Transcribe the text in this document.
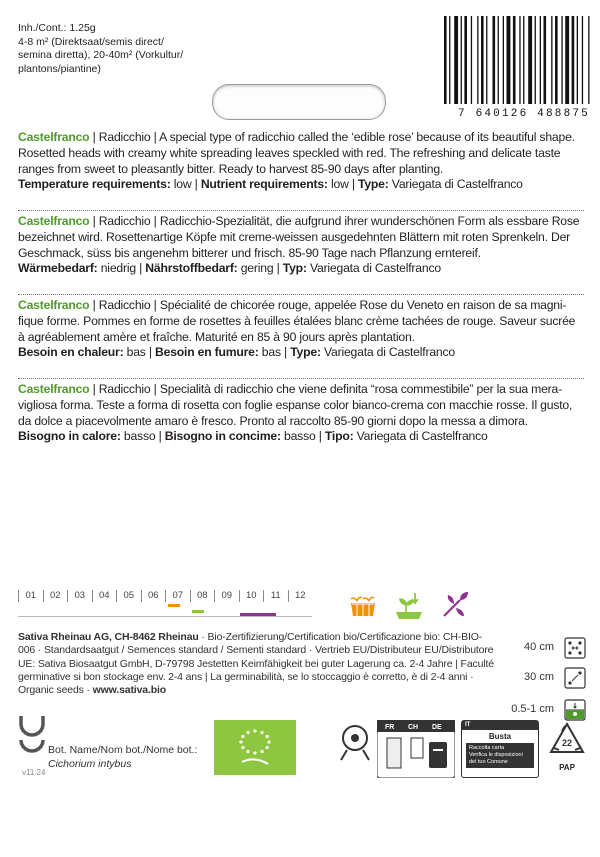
Inh./Cont.: 1.25g
4-8 m² (Direktsaat/semis direct/
semina diretta), 20-40m² (Vorkultur/
plantons/piantine)
7 640126 488875

Castelfranco | Radicchio | A special type of radicchio called the ‘edible rose’ because of its beautiful shape. Rosetted heads with creamy white spreading leaves speckled with red. The refreshing and delicate taste ranges from sweet to pleasantly bitter. Ready to harvest 85-90 days after planting.

Temperature requirements: low | Nutrient requirements: low | Type: Variegata di Castelfranco

Castelfranco | Radicchio | Radicchio-Spezialität, die aufgrund ihrer wunderschönen Form als essbare Rose bezeichnet wird. Rosettenartige Köpfe mit creme-weissen ausgedehnten Blättern mit roten Sprenkeln. Der Geschmack, süss bis angenehm bitterer und frisch. 85-90 Tage nach Pflanzung erntereif.

Wärmebedarf: niedrig | Nährstoffbedarf: gering | Typ: Variegata di Castelfranco

Castelfranco | Radicchio | Spécialité de chicorée rouge, appelée Rose du Veneto en raison de sa magnifique forme. Pommes en forme de rosettes à feuilles étalées blanc crème tachées de rouge. Saveur sucrée à agréablement amère et fraîche. Maturité en 85 à 90 jours après plantation.

Besoin en chaleur: bas | Besoin en fumure: bas | Type: Variegata di Castelfranco

Castelfranco | Radicchio | Specialità di radicchio che viene definita “rosa commestibile” per la sua meravigliosa forma. Teste a forma di rosetta con foglie espanse color bianco-crema con macchie rosse. Il gusto, da dolce a piacevolmente amaro è fresco. Pronto al raccolto 85-90 giorni dopo la messa a dimora.

Bisogno in calore: basso | Bisogno in concime: basso | Tipo: Variegata di Castelfranco

01	02	03	04	05	06	07	08	09	10	11	12
Sativa Rheinau AG, CH-8462 Rheinau · Bio-Zertifizierung/Certification bio/Certificazione bio: CH-BIO-006 · Standardsaatgut / Semences standard / Sementi standard · Vertrieb EU/Distributeur EU/Distributore UE: Sativa Biosaatgut GmbH, D-79798 Jestetten Keimfähigkeit bei guter Lagerung ca. 2-4 Jahre | Faculté germinative si bon stockage env. 2-4 ans | La germinabilità, se lo stoccaggio è corretto, è di 2-4 anni · Organic seeds · www.sativa.bio
40 cm
30 cm
0.5-1 cm
Bot. Name/Nom bot./Nome bot.:
Cichorium intybus
v11.24
FR CH DE	IT
Busta
Raccolta carta
Verifica le disposizioni del tuo Comune
22
PAP
